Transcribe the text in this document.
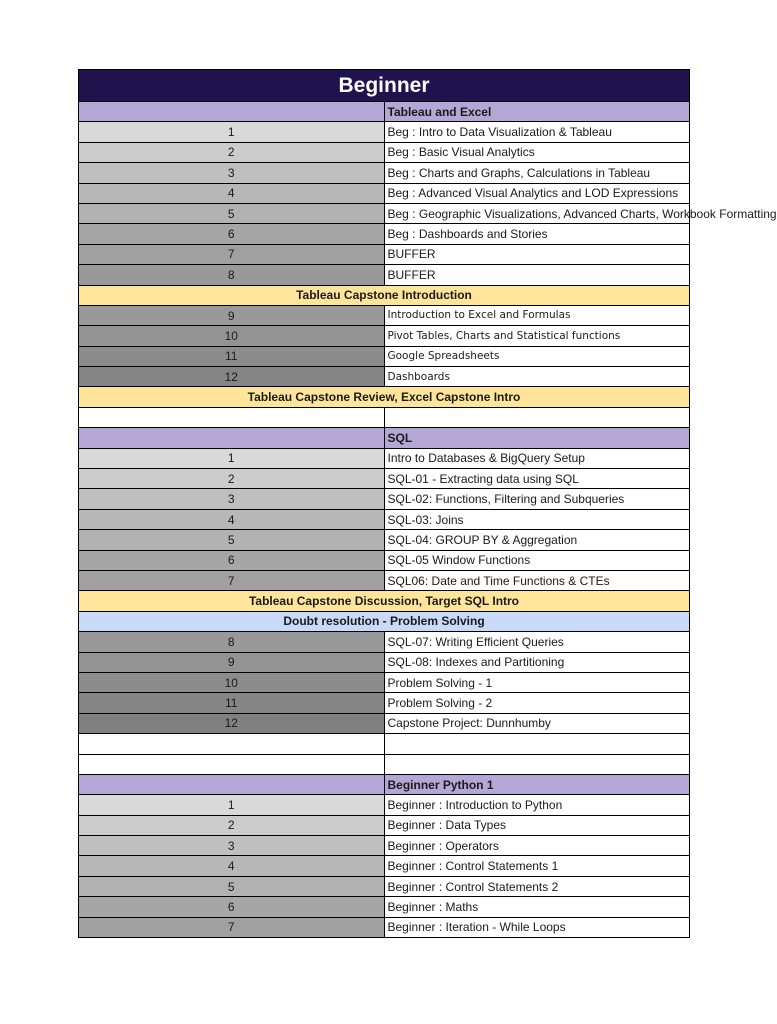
Beginner	
	Tableau and Excel
1	Beg : Intro to Data Visualization & Tableau
2	Beg : Basic Visual Analytics
3	Beg : Charts and Graphs, Calculations in Tableau
4	Beg : Advanced Visual Analytics and LOD Expressions
5	Beg : Geographic Visualizations, Advanced Charts, Workbook Formatting
6	Beg : Dashboards and Stories
7	BUFFER
8	BUFFER
Tableau Capstone Introduction	
9	Introduction to Excel and Formulas
10	Pivot Tables, Charts and Statistical functions
11	Google Spreadsheets
12	Dashboards
Tableau Capstone Review, Excel Capstone Intro	

	SQL
1	Intro to Databases & BigQuery Setup
2	SQL-01 - Extracting data using SQL
3	SQL-02: Functions, Filtering and Subqueries
4	SQL-03: Joins
5	SQL-04: GROUP BY & Aggregation
6	SQL-05 Window Functions
7	SQL06: Date and Time Functions & CTEs
Tableau Capstone Discussion, Target SQL Intro	
Doubt resolution - Problem Solving	
8	SQL-07: Writing Efficient Queries
9	SQL-08: Indexes and Partitioning
10	Problem Solving - 1
11	Problem Solving - 2
12	Capstone Project: Dunnhumby

	Beginner Python 1
1	Beginner : Introduction to Python
2	Beginner : Data Types
3	Beginner : Operators
4	Beginner : Control Statements 1
5	Beginner : Control Statements 2
6	Beginner : Maths
7	Beginner : Iteration - While Loops
